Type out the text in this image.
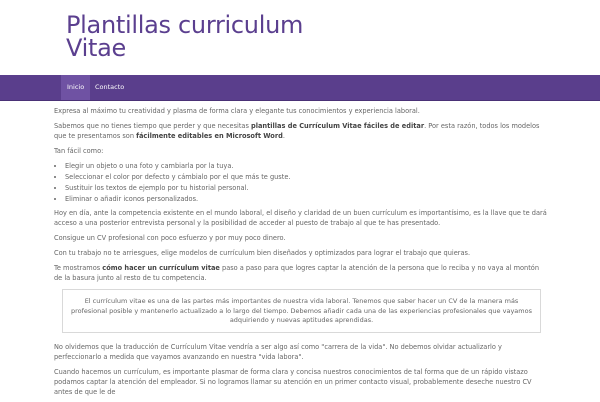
Plantillas curriculum Vitae
Inicio	Contacto

Expresa al máximo tu creatividad y plasma de forma clara y elegante tus conocimientos y experiencia laboral.

Sabemos que no tienes tiempo que perder y que necesitas plantillas de Currículum Vitae fáciles de editar. Por esta razón, todos los modelos que te presentamos son fácilmente editables en Microsoft Word.

Tan fácil como:

• Elegir un objeto o una foto y cambiarla por la tuya.
• Seleccionar el color por defecto y cámbialo por el que más te guste.
• Sustituir los textos de ejemplo por tu historial personal.
• Eliminar o añadir iconos personalizados.

Hoy en día, ante la competencia existente en el mundo laboral, el diseño y claridad de un buen currículum es importantísimo, es la llave que te dará acceso a una posterior entrevista personal y la posibilidad de acceder al puesto de trabajo al que te has presentado.

Consigue un CV profesional con poco esfuerzo y por muy poco dinero.

Con tu trabajo no te arriesgues, elige modelos de currículum bien diseñados y optimizados para lograr el trabajo que quieras.

Te mostramos cómo hacer un currículum vitae paso a paso para que logres captar la atención de la persona que lo reciba y no vaya al montón de la basura junto al resto de tu competencia.

El currículum vitae es una de las partes más importantes de nuestra vida laboral. Tenemos que saber hacer un CV de la manera más profesional posible y mantenerlo actualizado a lo largo del tiempo. Debemos añadir cada una de las experiencias profesionales que vayamos adquiriendo y nuevas aptitudes aprendidas.

No olvidemos que la traducción de Currículum Vitae vendría a ser algo así como "carrera de la vida". No debemos olvidar actualizarlo y perfeccionarlo a medida que vayamos avanzando en nuestra "vida labora".

Cuando hacemos un currículum, es importante plasmar de forma clara y concisa nuestros conocimientos de tal forma que de un rápido vistazo podamos captar la atención del empleador. Si no logramos llamar su atención en un primer contacto visual, probablemente deseche nuestro CV antes de que le de
